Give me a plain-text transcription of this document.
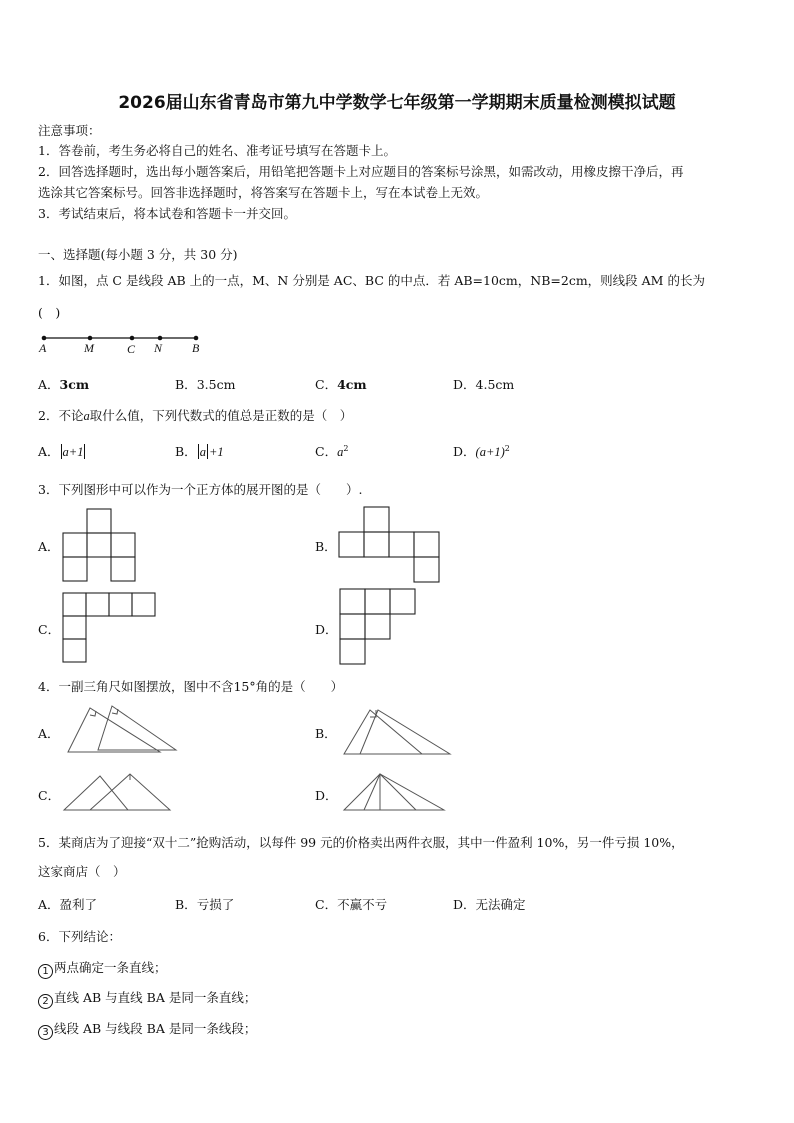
2026届山东省青岛市第九中学数学七年级第一学期期末质量检测模拟试题
注意事项：
1．答卷前，考生务必将自己的姓名、准考证号填写在答题卡上。
2．回答选择题时，选出每小题答案后，用铅笔把答题卡上对应题目的答案标号涂黑，如需改动，用橡皮擦干净后，再
选涂其它答案标号。回答非选择题时，将答案写在答题卡上，写在本试卷上无效。
3．考试结束后，将本试卷和答题卡一并交回。
一、选择题(每小题 3 分，共 30 分)
1．如图，点 C 是线段 AB 上的一点，M、N 分别是 AC、BC 的中点．若 AB=10cm，NB=2cm，则线段 AM 的长为
(　)
A	M	C N B
A．3cm	B．3.5cm	C．4cm	D．4.5cm
2．不论a取什么值，下列代数式的值总是正数的是（　）
A． a+1	B． a +1	C．$a^2$	D．$(a+1)^2$
3．下列图形中可以作为一个正方体的展开图的是（　　）.
A．	B．
C．	D．
4．一副三角尺如图摆放，图中不含15°角的是（　　）
A．	B．
C．	D．
5．某商店为了迎接“双十二”抢购活动，以每件 99 元的价格卖出两件衣服，其中一件盈利 10%，另一件亏损 10%，
这家商店（　）
A．盈利了	B．亏损了	C．不赢不亏	D．无法确定
6．下列结论：
1 两点确定一条直线；
2 直线 AB 与直线 BA 是同一条直线；
3 线段 AB 与线段 BA 是同一条线段；
